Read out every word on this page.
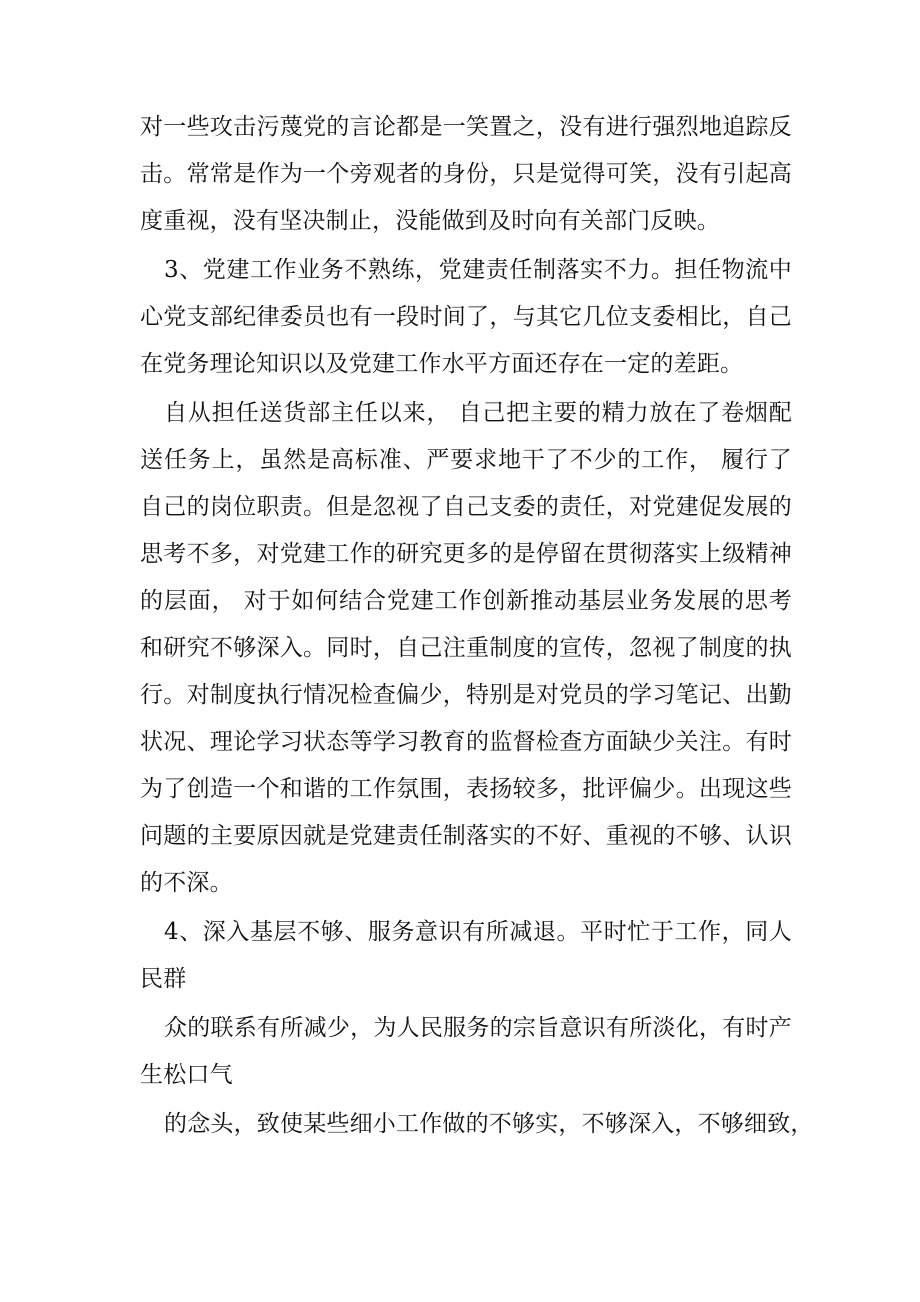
对一些攻击污蔑党的言论都是一笑置之，没有进行强烈地追踪反
击。常常是作为一个旁观者的身份，只是觉得可笑，没有引起高
度重视，没有坚决制止，没能做到及时向有关部门反映。
3、党建工作业务不熟练，党建责任制落实不力。担任物流中
心党支部纪律委员也有一段时间了，与其它几位支委相比，自己
在党务理论知识以及党建工作水平方面还存在一定的差距。
自从担任送货部主任以来， 自己把主要的精力放在了卷烟配
送任务上，虽然是高标准、严要求地干了不少的工作， 履行了
自己的岗位职责。但是忽视了自己支委的责任，对党建促发展的
思考不多，对党建工作的研究更多的是停留在贯彻落实上级精神
的层面， 对于如何结合党建工作创新推动基层业务发展的思考
和研究不够深入。同时，自己注重制度的宣传，忽视了制度的执
行。对制度执行情况检查偏少，特别是对党员的学习笔记、出勤
状况、理论学习状态等学习教育的监督检查方面缺少关注。有时
为了创造一个和谐的工作氛围，表扬较多，批评偏少。出现这些
问题的主要原因就是党建责任制落实的不好、重视的不够、认识
的不深。
4、深入基层不够、服务意识有所减退。平时忙于工作，同人
民群
众的联系有所减少，为人民服务的宗旨意识有所淡化，有时产
生松口气
的念头，致使某些细小工作做的不够实，不够深入，不够细致，
